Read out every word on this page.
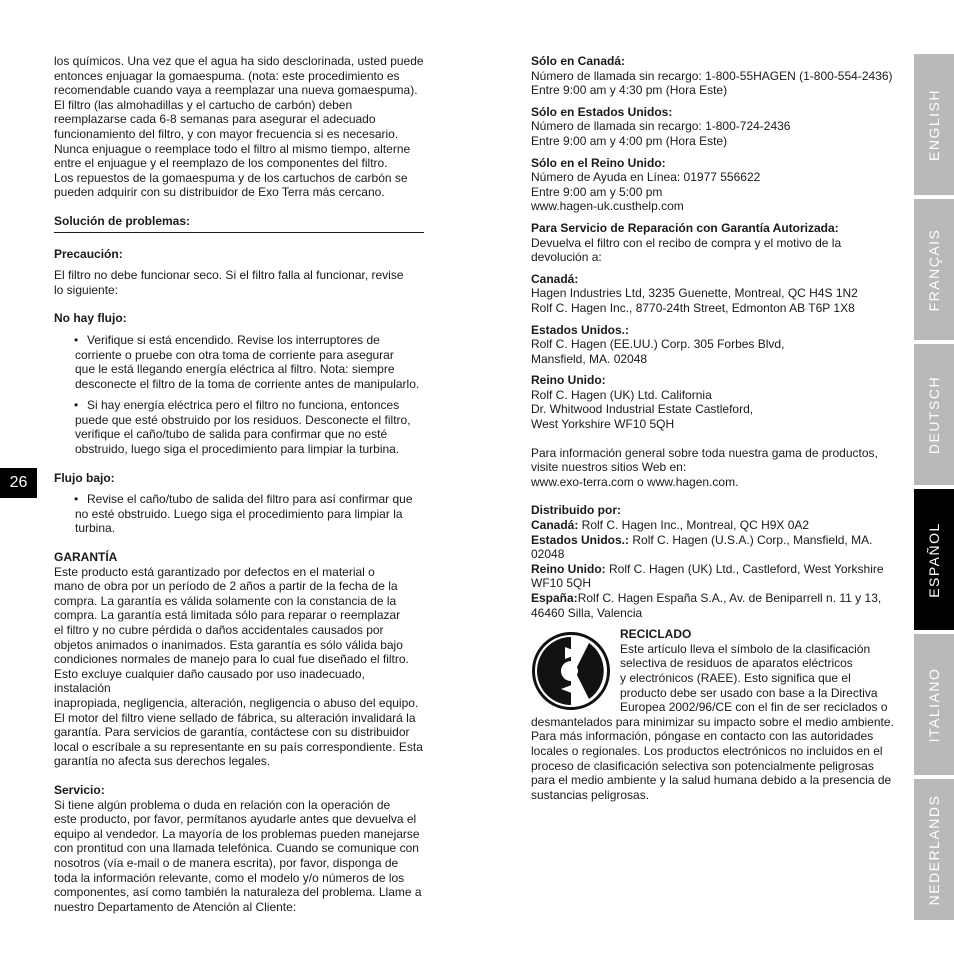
26
ENGLISH
FRANÇAIS
DEUTSCH
ESPAÑOL
ITALIANO
NEDERLANDS
los químicos. Una vez que el agua ha sido desclorinada, usted puede
entonces enjuagar la gomaespuma. (nota: este procedimiento es
recomendable cuando vaya a reemplazar una nueva gomaespuma).
El filtro (las almohadillas y el cartucho de carbón) deben
reemplazarse cada 6-8 semanas para asegurar el adecuado
funcionamiento del filtro, y con mayor frecuencia si es necesario.
Nunca enjuague o reemplace todo el filtro al mismo tiempo, alterne
entre el enjuague y el reemplazo de los componentes del filtro.
Los repuestos de la gomaespuma y de los cartuchos de carbón se
pueden adquirir con su distribuidor de Exo Terra más cercano.
Solución de problemas:
Precaución:
El filtro no debe funcionar seco. Si el filtro falla al funcionar, revise
lo siguiente:
No hay flujo:
• Verifique si está encendido. Revise los interruptores de
corriente o pruebe con otra toma de corriente para asegurar
que le está llegando energía eléctrica al filtro. Nota: siempre
desconecte el filtro de la toma de corriente antes de manipularlo.
• Si hay energía eléctrica pero el filtro no funciona, entonces
puede que esté obstruido por los residuos. Desconecte el filtro,
verifique el caño/tubo de salida para confirmar que no esté
obstruido, luego siga el procedimiento para limpiar la turbina.
Flujo bajo:
• Revise el caño/tubo de salida del filtro para así confirmar que
no esté obstruido. Luego siga el procedimiento para limpiar la
turbina.
GARANTÍA
Este producto está garantizado por defectos en el material o
mano de obra por un período de 2 años a partir de la fecha de la
compra. La garantía es válida solamente con la constancia de la
compra. La garantía está limitada sólo para reparar o reemplazar
el filtro y no cubre pérdida o daños accidentales causados por
objetos animados o inanimados. Esta garantía es sólo válida bajo
condiciones normales de manejo para lo cual fue diseñado el filtro.
Esto excluye cualquier daño causado por uso inadecuado, instalación
inapropiada, negligencia, alteración, negligencia o abuso del equipo.
El motor del filtro viene sellado de fábrica, su alteración invalidará la
garantía. Para servicios de garantía, contáctese con su distribuidor
local o escríbale a su representante en su país correspondiente. Esta
garantía no afecta sus derechos legales.
Servicio:
Si tiene algún problema o duda en relación con la operación de
este producto, por favor, permítanos ayudarle antes que devuelva el
equipo al vendedor. La mayoría de los problemas pueden manejarse
con prontitud con una llamada telefónica. Cuando se comunique con
nosotros (vía e-mail o de manera escrita), por favor, disponga de
toda la información relevante, como el modelo y/o números de los
componentes, así como también la naturaleza del problema. Llame a
nuestro Departamento de Atención al Cliente:
Sólo en Canadá:
Número de llamada sin recargo: 1-800-55HAGEN (1-800-554-2436)
Entre 9:00 am y 4:30 pm (Hora Este)
Sólo en Estados Unidos:
Número de llamada sin recargo: 1-800-724-2436
Entre 9:00 am y 4:00 pm (Hora Este)
Sólo en el Reino Unido:
Número de Ayuda en Línea: 01977 556622
Entre 9:00 am y 5:00 pm
www.hagen-uk.custhelp.com
Para Servicio de Reparación con Garantía Autorizada:
Devuelva el filtro con el recibo de compra y el motivo de la
devolución a:
Canadá:
Hagen Industries Ltd, 3235 Guenette, Montreal, QC H4S 1N2
Rolf C. Hagen Inc., 8770-24th Street, Edmonton AB T6P 1X8
Estados Unidos.:
Rolf C. Hagen (EE.UU.) Corp. 305 Forbes Blvd,
Mansfield, MA. 02048
Reino Unido:
Rolf C. Hagen (UK) Ltd. California
Dr. Whitwood Industrial Estate Castleford,
West Yorkshire WF10 5QH
Para información general sobre toda nuestra gama de productos,
visite nuestros sitios Web en:
www.exo-terra.com o www.hagen.com.
Distribuido por:
Canadá: Rolf C. Hagen Inc., Montreal, QC H9X 0A2
Estados Unidos.: Rolf C. Hagen (U.S.A.) Corp., Mansfield, MA. 02048
Reino Unido: Rolf C. Hagen (UK) Ltd., Castleford, West Yorkshire
WF10 5QH
España:Rolf C. Hagen España S.A., Av. de Beniparrell n. 11 y 13,
46460 Silla, Valencia
RECICLADO
Este artículo lleva el símbolo de la clasificación
selectiva de residuos de aparatos eléctricos
y electrónicos (RAEE). Esto significa que el
producto debe ser usado con base a la Directiva
Europea 2002/96/CE con el fin de ser reciclados o
desmantelados para minimizar su impacto sobre el medio ambiente.
Para más información, póngase en contacto con las autoridades
locales o regionales. Los productos electrónicos no incluidos en el
proceso de clasificación selectiva son potencialmente peligrosas
para el medio ambiente y la salud humana debido a la presencia de
sustancias peligrosas.
